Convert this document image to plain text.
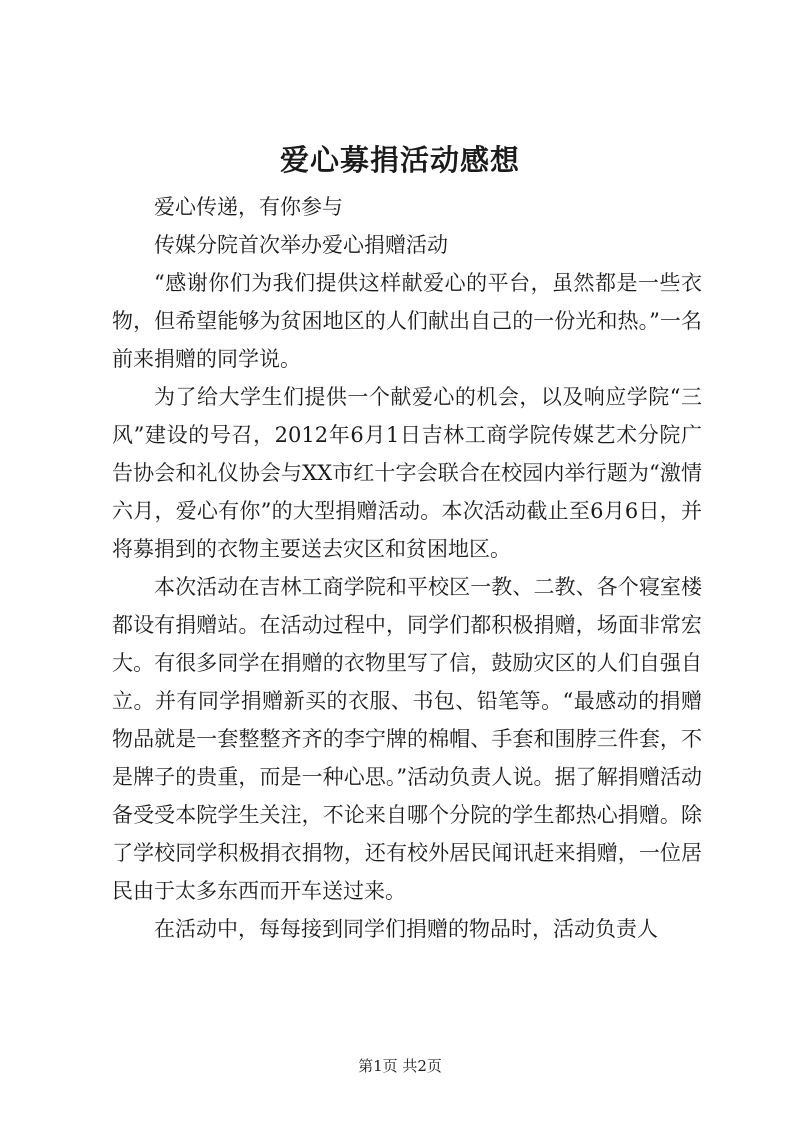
爱心募捐活动感想

爱心传递，有你参与

传媒分院首次举办爱心捐赠活动

“感谢你们为我们提供这样献爱心的平台，虽然都是一些衣物，但希望能够为贫困地区的人们献出自己的一份光和热。”一名前来捐赠的同学说。

为了给大学生们提供一个献爱心的机会，以及响应学院“三风”建设的号召，2012年6月1日吉林工商学院传媒艺术分院广告协会和礼仪协会与XX市红十字会联合在校园内举行题为“激情六月，爱心有你”的大型捐赠活动。本次活动截止至6月6日，并将募捐到的衣物主要送去灾区和贫困地区。

本次活动在吉林工商学院和平校区一教、二教、各个寝室楼都设有捐赠站。在活动过程中，同学们都积极捐赠，场面非常宏大。有很多同学在捐赠的衣物里写了信，鼓励灾区的人们自强自立。并有同学捐赠新买的衣服、书包、铅笔等。“最感动的捐赠物品就是一套整整齐齐的李宁牌的棉帽、手套和围脖三件套，不是牌子的贵重，而是一种心思。”活动负责人说。据了解捐赠活动备受受本院学生关注，不论来自哪个分院的学生都热心捐赠。除了学校同学积极捐衣捐物，还有校外居民闻讯赶来捐赠，一位居民由于太多东西而开车送过来。

在活动中，每每接到同学们捐赠的物品时，活动负责人

第1页 共2页
